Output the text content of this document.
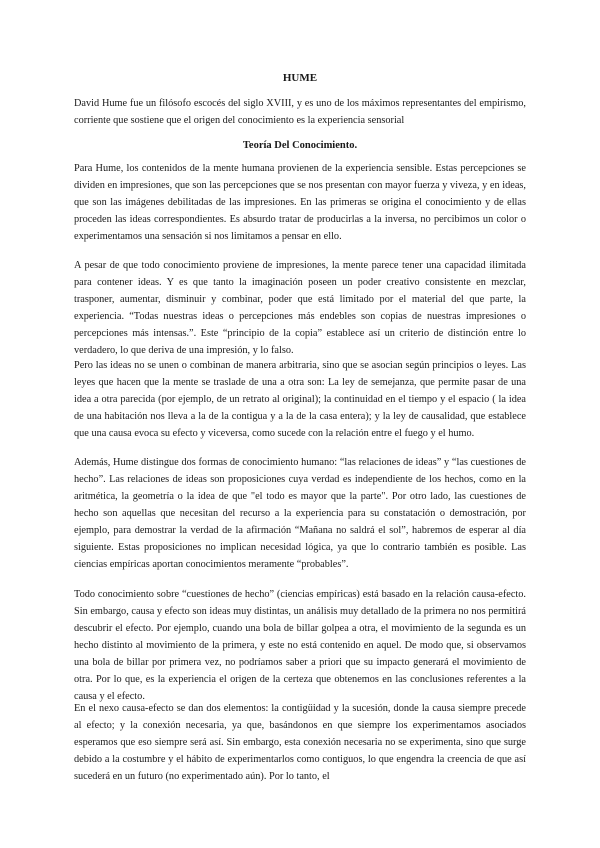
HUME

David Hume fue un filósofo escocés del siglo XVIII, y es uno de los máximos representantes del empirismo, corriente que sostiene que el origen del conocimiento es la experiencia sensorial

Teoría Del Conocimiento.

Para Hume, los contenidos de la mente humana provienen de la experiencia sensible. Estas percepciones se dividen en impresiones, que son las percepciones que se nos presentan con mayor fuerza y viveza, y en ideas, que son las imágenes debilitadas de las impresiones. En las primeras se origina el conocimiento y de ellas proceden las ideas correspondientes. Es absurdo tratar de producirlas a la inversa, no percibimos un color o experimentamos una sensación si nos limitamos a pensar en ello.

A pesar de que todo conocimiento proviene de impresiones, la mente parece tener una capacidad ilimitada para contener ideas. Y es que tanto la imaginación poseen un poder creativo consistente en mezclar, trasponer, aumentar, disminuir y combinar, poder que está limitado por el material del que parte, la experiencia. “Todas nuestras ideas o percepciones más endebles son copias de nuestras impresiones o percepciones más intensas.”. Este “principio de la copia” establece así un criterio de distinción entre lo verdadero, lo que deriva de una impresión, y lo falso.

Pero las ideas no se unen o combinan de manera arbitraria, sino que se asocian según principios o leyes. Las leyes que hacen que la mente se traslade de una a otra son: La ley de semejanza, que permite pasar de una idea a otra parecida (por ejemplo, de un retrato al original); la continuidad en el tiempo y el espacio ( la idea de una habitación nos lleva a la de la contigua y a la de la casa entera); y la ley de causalidad, que establece que una causa evoca su efecto y viceversa, como sucede con la relación entre el fuego y el humo.

Además, Hume distingue dos formas de conocimiento humano: “las relaciones de ideas” y “las cuestiones de hecho”. Las relaciones de ideas son proposiciones cuya verdad es independiente de los hechos, como en la aritmética, la geometría o la idea de que "el todo es mayor que la parte". Por otro lado, las cuestiones de hecho son aquellas que necesitan del recurso a la experiencia para su constatación o demostración, por ejemplo, para demostrar la verdad de la afirmación “Mañana no saldrá el sol”, habremos de esperar al día siguiente. Estas proposiciones no implican necesidad lógica, ya que lo contrario también es posible. Las ciencias empíricas aportan conocimientos meramente “probables”.

Todo conocimiento sobre “cuestiones de hecho” (ciencias empíricas) está basado en la relación causa-efecto. Sin embargo, causa y efecto son ideas muy distintas, un análisis muy detallado de la primera no nos permitirá descubrir el efecto. Por ejemplo, cuando una bola de billar golpea a otra, el movimiento de la segunda es un hecho distinto al movimiento de la primera, y este no está contenido en aquel. De modo que, si observamos una bola de billar por primera vez, no podríamos saber a priori que su impacto generará el movimiento de otra. Por lo que, es la experiencia el origen de la certeza que obtenemos en las conclusiones referentes a la causa y el efecto.

En el nexo causa-efecto se dan dos elementos: la contigüidad y la sucesión, donde la causa siempre precede al efecto; y la conexión necesaria, ya que, basándonos en que siempre los experimentamos asociados esperamos que eso siempre será así. Sin embargo, esta conexión necesaria no se experimenta, sino que surge debido a la costumbre y el hábito de experimentarlos como contiguos, lo que engendra la creencia de que así sucederá en un futuro (no experimentado aún). Por lo tanto, el
